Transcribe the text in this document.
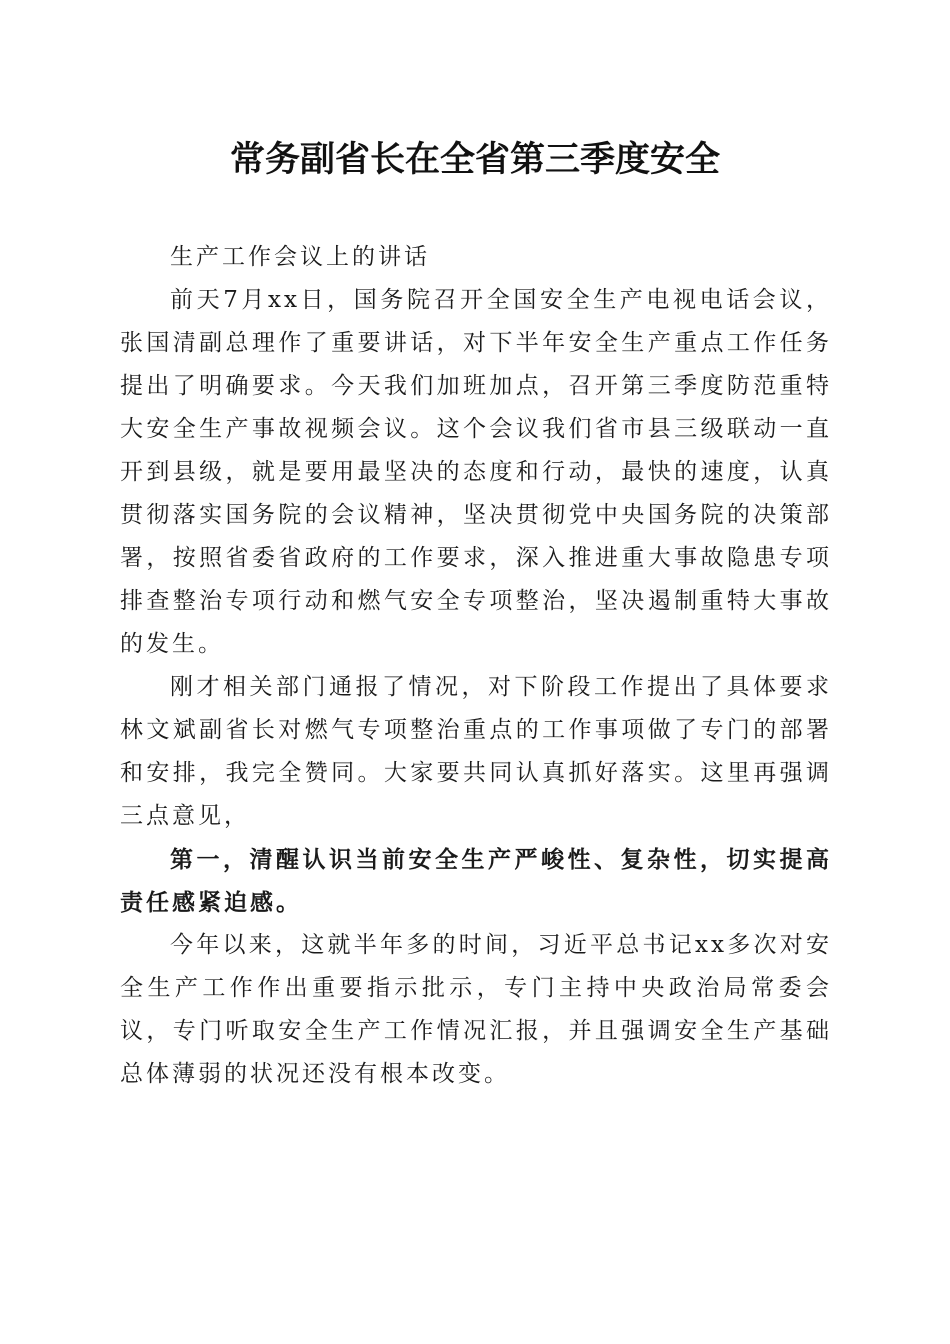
常务副省长在全省第三季度安全

生产工作会议上的讲话

前天7月xx日，国务院召开全国安全生产电视电话会议，张国清副总理作了重要讲话，对下半年安全生产重点工作任务提出了明确要求。今天我们加班加点，召开第三季度防范重特大安全生产事故视频会议。这个会议我们省市县三级联动一直开到县级，就是要用最坚决的态度和行动，最快的速度，认真贯彻落实国务院的会议精神，坚决贯彻党中央国务院的决策部署，按照省委省政府的工作要求，深入推进重大事故隐患专项排查整治专项行动和燃气安全专项整治，坚决遏制重特大事故的发生。

刚才相关部门通报了情况，对下阶段工作提出了具体要求林文斌副省长对燃气专项整治重点的工作事项做了专门的部署和安排，我完全赞同。大家要共同认真抓好落实。这里再强调三点意见，

第一，清醒认识当前安全生产严峻性、复杂性，切实提高责任感紧迫感。

今年以来，这就半年多的时间，习近平总书记xx多次对安全生产工作作出重要指示批示，专门主持中央政治局常委会议，专门听取安全生产工作情况汇报，并且强调安全生产基础总体薄弱的状况还没有根本改变。
